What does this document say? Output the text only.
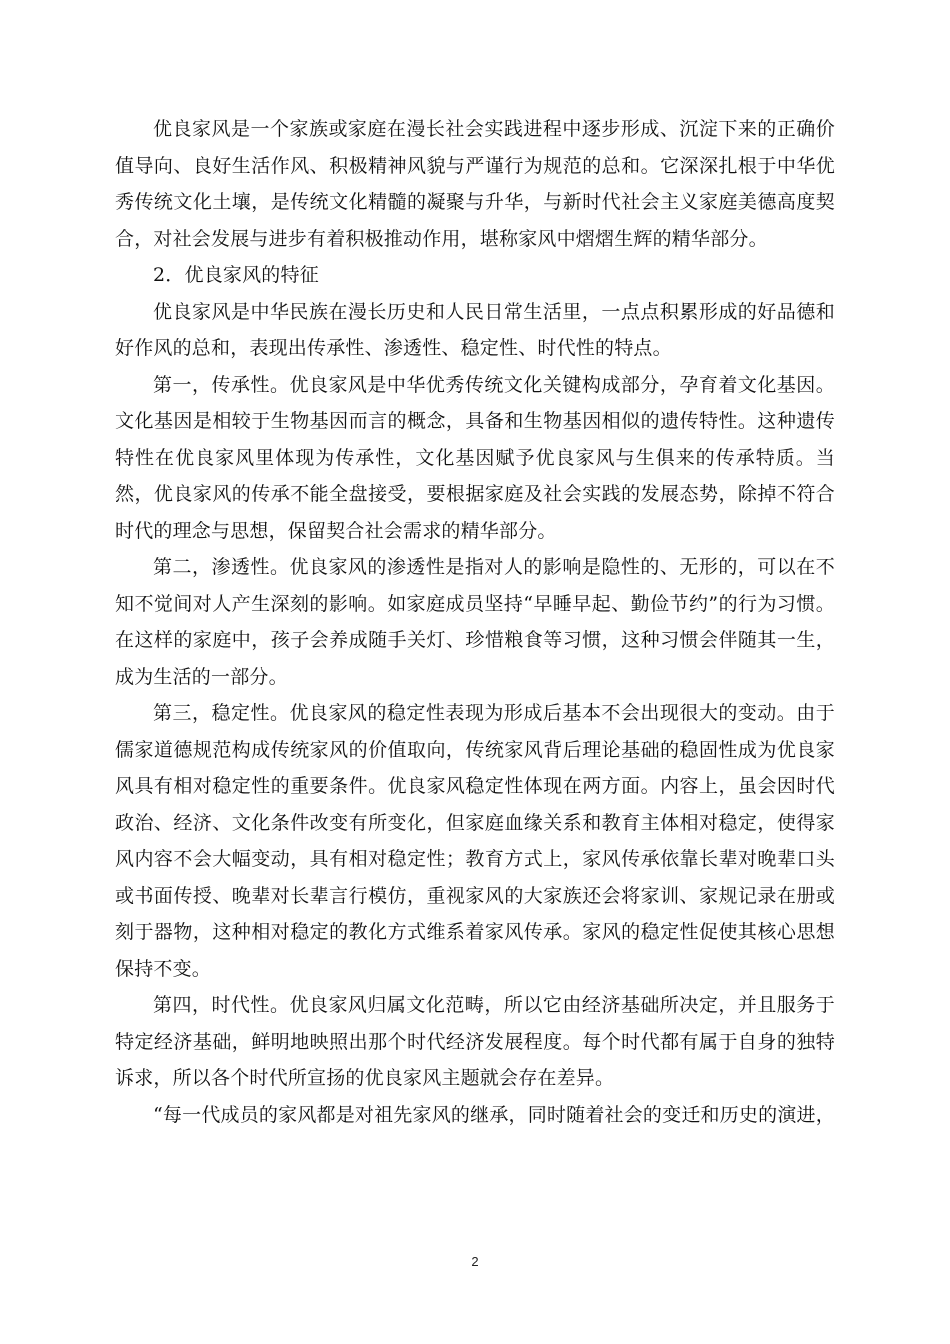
优良家风是一个家族或家庭在漫长社会实践进程中逐步形成、沉淀下来的正确价值导向、良好生活作风、积极精神风貌与严谨行为规范的总和。它深深扎根于中华优秀传统文化土壤，是传统文化精髓的凝聚与升华，与新时代社会主义家庭美德高度契合，对社会发展与进步有着积极推动作用，堪称家风中熠熠生辉的精华部分。

2．优良家风的特征

优良家风是中华民族在漫长历史和人民日常生活里，一点点积累形成的好品德和好作风的总和，表现出传承性、渗透性、稳定性、时代性的特点。

第一，传承性。优良家风是中华优秀传统文化关键构成部分，孕育着文化基因。文化基因是相较于生物基因而言的概念，具备和生物基因相似的遗传特性。这种遗传特性在优良家风里体现为传承性，文化基因赋予优良家风与生俱来的传承特质。当然，优良家风的传承不能全盘接受，要根据家庭及社会实践的发展态势，除掉不符合时代的理念与思想，保留契合社会需求的精华部分。

第二，渗透性。优良家风的渗透性是指对人的影响是隐性的、无形的，可以在不知不觉间对人产生深刻的影响。如家庭成员坚持“早睡早起、勤俭节约”的行为习惯。在这样的家庭中，孩子会养成随手关灯、珍惜粮食等习惯，这种习惯会伴随其一生，成为生活的一部分。

第三，稳定性。优良家风的稳定性表现为形成后基本不会出现很大的变动。由于儒家道德规范构成传统家风的价值取向，传统家风背后理论基础的稳固性成为优良家风具有相对稳定性的重要条件。优良家风稳定性体现在两方面。内容上，虽会因时代政治、经济、文化条件改变有所变化，但家庭血缘关系和教育主体相对稳定，使得家风内容不会大幅变动，具有相对稳定性；教育方式上，家风传承依靠长辈对晚辈口头或书面传授、晚辈对长辈言行模仿，重视家风的大家族还会将家训、家规记录在册或刻于器物，这种相对稳定的教化方式维系着家风传承。家风的稳定性促使其核心思想保持不变。

第四，时代性。优良家风归属文化范畴，所以它由经济基础所决定，并且服务于特定经济基础，鲜明地映照出那个时代经济发展程度。每个时代都有属于自身的独特诉求，所以各个时代所宣扬的优良家风主题就会存在差异。

“每一代成员的家风都是对祖先家风的继承，同时随着社会的变迁和历史的演进，

2
